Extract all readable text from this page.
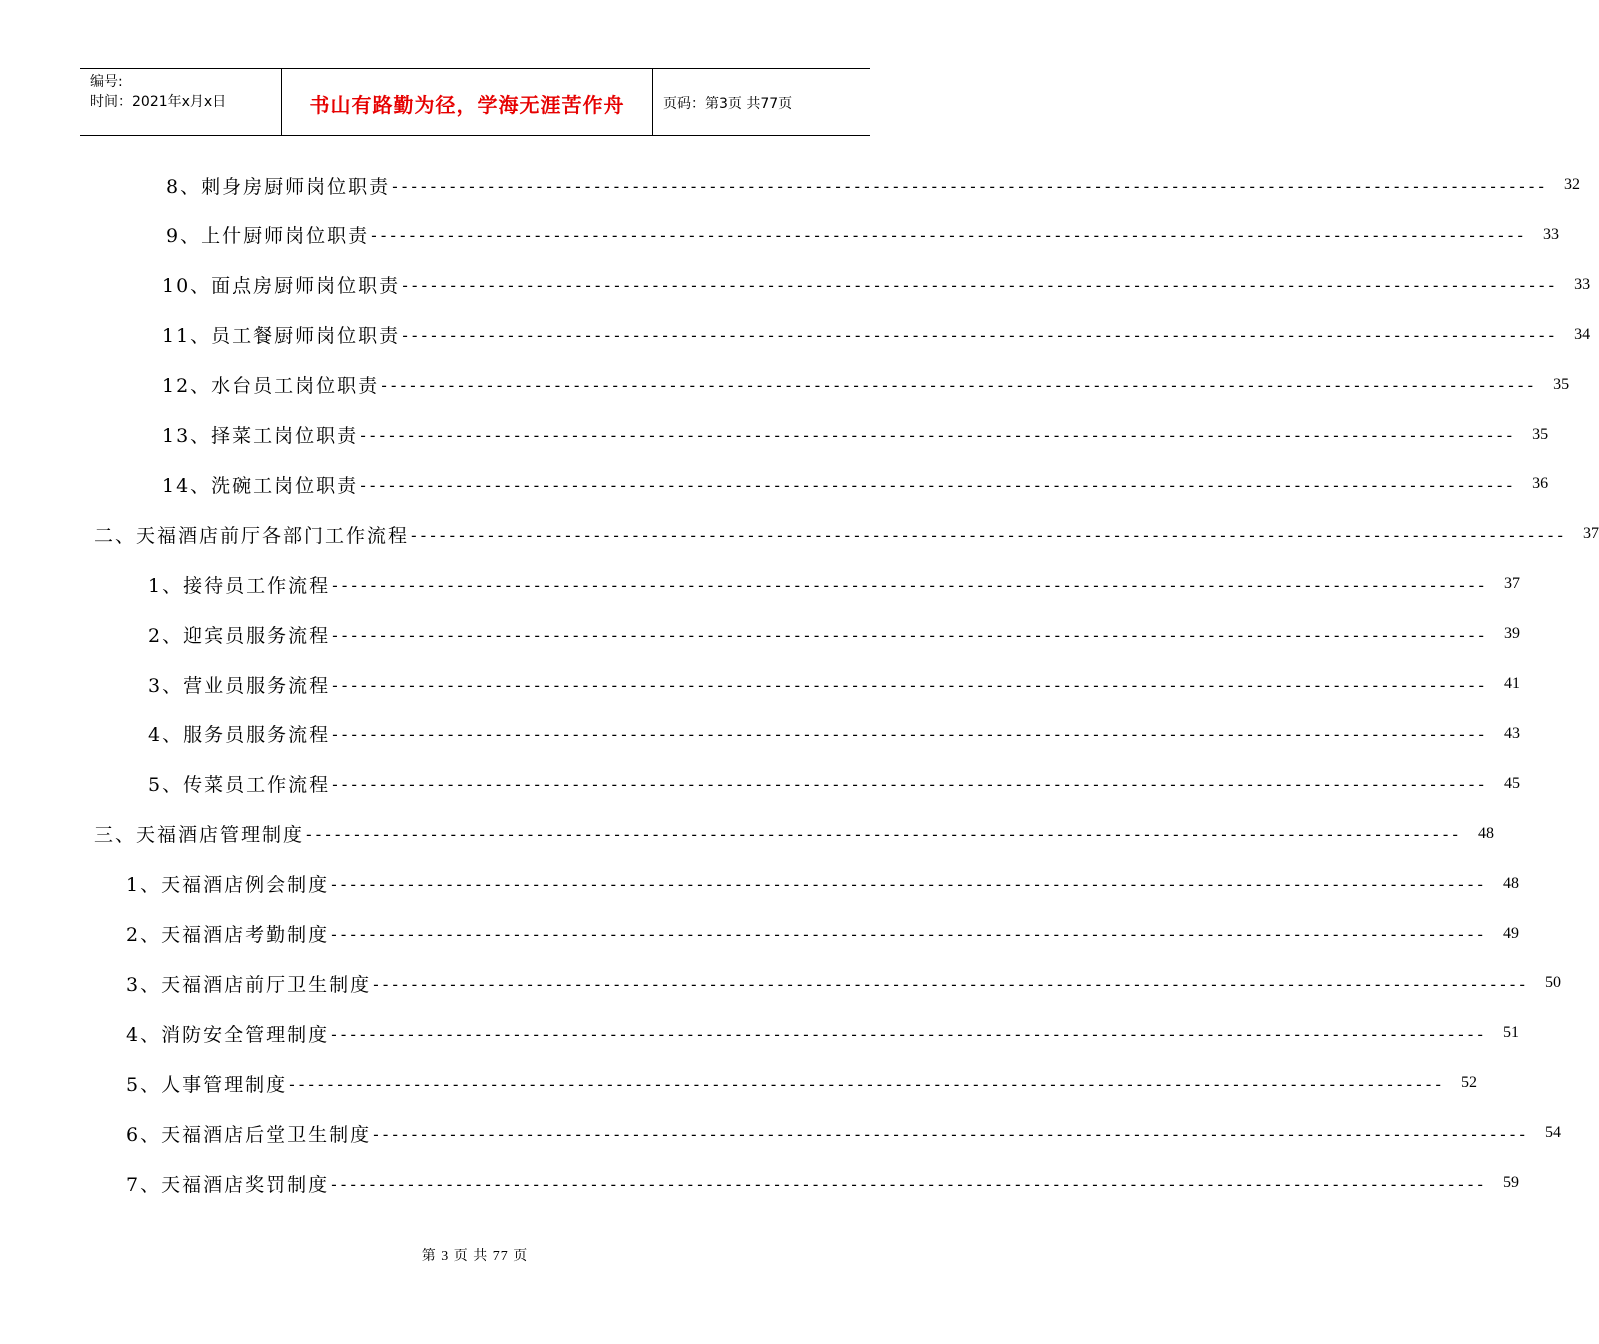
编号:
时间：2021年x月x日	书山有路勤为径，学海无涯苦作舟	页码：第3页 共77页
8、刺身房厨师岗位职责 ------------------------------------------------------------------------------------------------------------------------	32
9、上什厨师岗位职责 ------------------------------------------------------------------------------------------------------------------------	33
10、面点房厨师岗位职责 ------------------------------------------------------------------------------------------------------------------------	33
11、员工餐厨师岗位职责 ------------------------------------------------------------------------------------------------------------------------	34
12、水台员工岗位职责 ------------------------------------------------------------------------------------------------------------------------	35
13、择菜工岗位职责 ------------------------------------------------------------------------------------------------------------------------	35
14、洗碗工岗位职责 ------------------------------------------------------------------------------------------------------------------------	36
二、天福酒店前厅各部门工作流程 ------------------------------------------------------------------------------------------------------------------------	37
1、接待员工作流程 ------------------------------------------------------------------------------------------------------------------------	37
2、迎宾员服务流程 ------------------------------------------------------------------------------------------------------------------------	39
3、营业员服务流程 ------------------------------------------------------------------------------------------------------------------------	41
4、服务员服务流程 ------------------------------------------------------------------------------------------------------------------------	43
5、传菜员工作流程 ------------------------------------------------------------------------------------------------------------------------	45
三、天福酒店管理制度 ------------------------------------------------------------------------------------------------------------------------	48
1、天福酒店例会制度 ------------------------------------------------------------------------------------------------------------------------	48
2、天福酒店考勤制度 ------------------------------------------------------------------------------------------------------------------------	49
3、天福酒店前厅卫生制度 ------------------------------------------------------------------------------------------------------------------------	50
4、消防安全管理制度 ------------------------------------------------------------------------------------------------------------------------	51
5、人事管理制度 ------------------------------------------------------------------------------------------------------------------------	52
6、天福酒店后堂卫生制度 ------------------------------------------------------------------------------------------------------------------------	54
7、天福酒店奖罚制度 ------------------------------------------------------------------------------------------------------------------------	59
第 3 页 共 77 页
